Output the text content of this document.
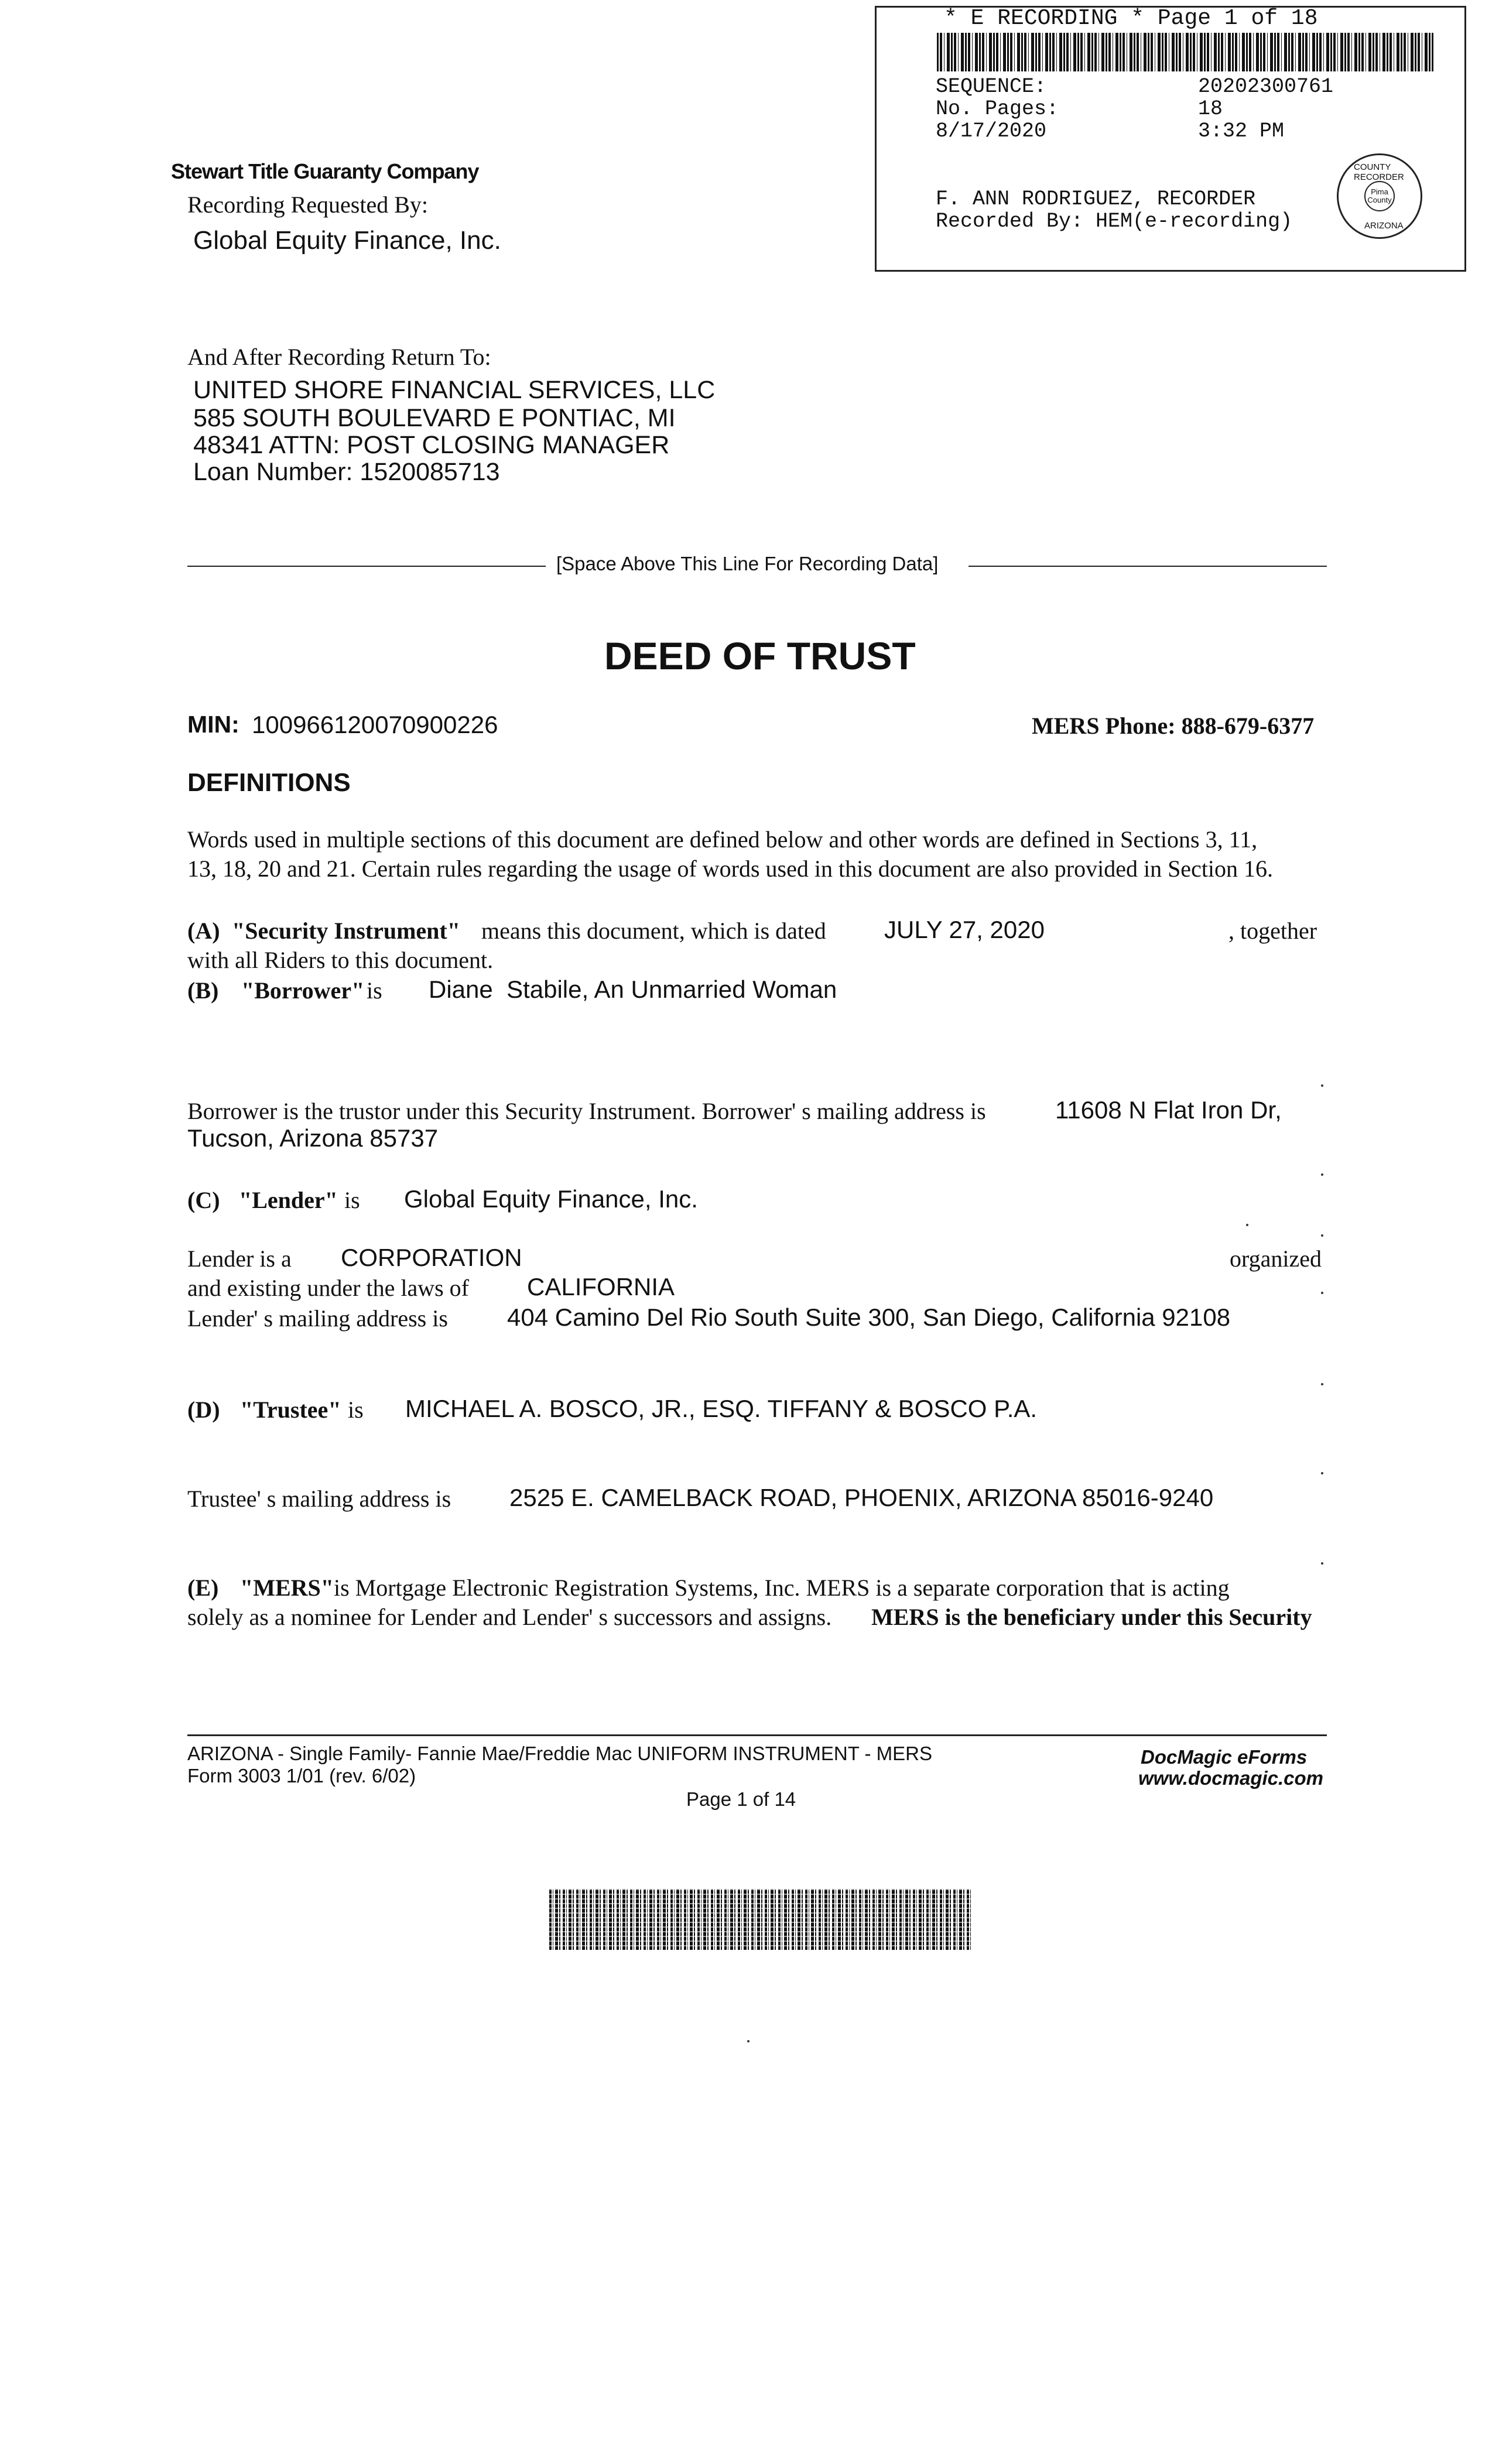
* E RECORDING * Page 1 of 18
SEQUENCE:	20202300761
No. Pages:	18
8/17/2020	3:32 PM
F. ANN RODRIGUEZ, RECORDER
Recorded By: HEM(e-recording)
COUNTY RECORDER
Pima County
ARIZONA
Stewart Title Guaranty Company
Recording Requested By:
Global Equity Finance, Inc.
And After Recording Return To:
UNITED SHORE FINANCIAL SERVICES, LLC
585 SOUTH BOULEVARD E PONTIAC, MI
48341 ATTN: POST CLOSING MANAGER
Loan Number: 1520085713
[Space Above This Line For Recording Data]
DEED OF TRUST
MIN: 100966120070900226	MERS Phone: 888-679-6377
DEFINITIONS
Words used in multiple sections of this document are defined below and other words are defined in Sections 3, 11,
13, 18, 20 and 21. Certain rules regarding the usage of words used in this document are also provided in Section 16.
(A) "Security Instrument" means this document, which is dated JULY 27, 2020	, together
with all Riders to this document.
(B) "Borrower" is Diane  Stabile, An Unmarried Woman
Borrower is the trustor under this Security Instrument. Borrower' s mailing address is	11608 N Flat Iron Dr,
Tucson, Arizona 85737
(C) "Lender" is Global Equity Finance, Inc.
Lender is a CORPORATION	organized
and existing under the laws of CALIFORNIA
Lender' s mailing address is 404 Camino Del Rio South Suite 300, San Diego, California 92108
(D) "Trustee" is MICHAEL A. BOSCO, JR., ESQ. TIFFANY & BOSCO P.A.
Trustee' s mailing address is 2525 E. CAMELBACK ROAD, PHOENIX, ARIZONA 85016-9240
(E) "MERS" is Mortgage Electronic Registration Systems, Inc. MERS is a separate corporation that is acting
solely as a nominee for Lender and Lender' s successors and assigns. MERS is the beneficiary under this Security
ARIZONA - Single Family- Fannie Mae/Freddie Mac UNIFORM INSTRUMENT - MERS
Form 3003 1/01 (rev. 6/02)
Page 1 of 14
DocMagic eForms
www.docmagic.com
